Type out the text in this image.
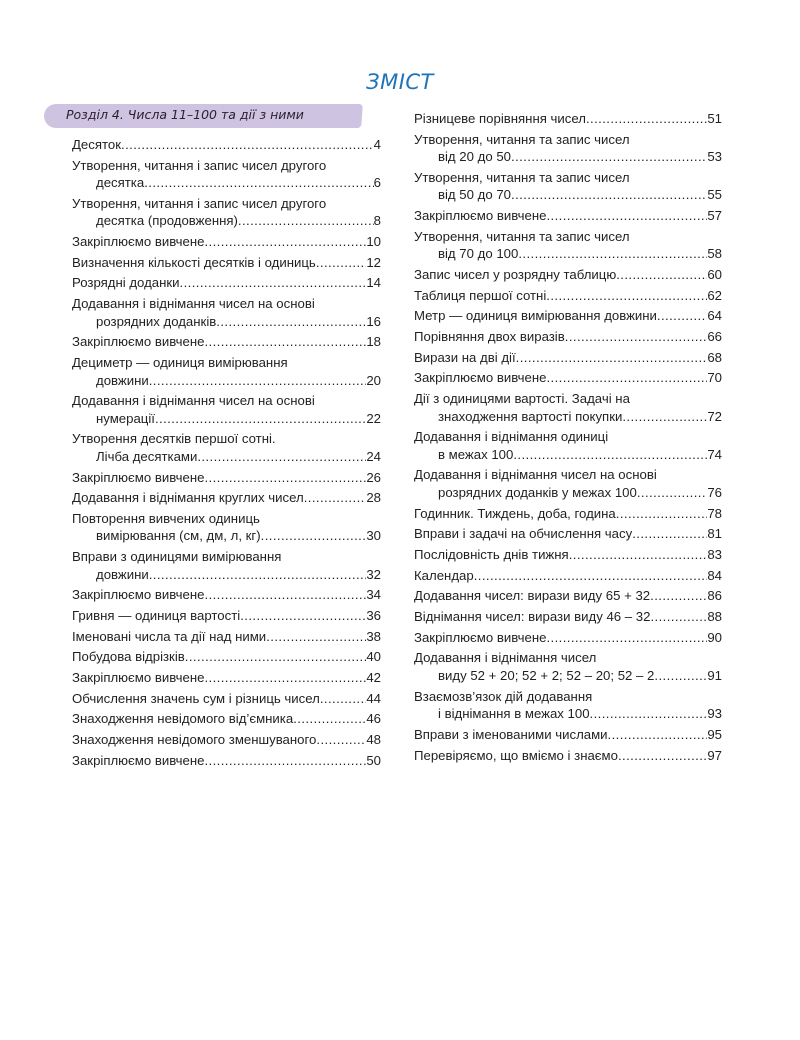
ЗМІСТ
Розділ 4. Числа 11–100 та дії з ними
Десяток .....	4
Утворення, читання і запис чисел другого
десятка .....	6
Утворення, читання і запис чисел другого
десятка (продовження) .....	8
Закріплюємо вивчене .....	10
Визначення кількості десятків і одиниць .....	12
Розрядні доданки .....	14
Додавання і віднімання чисел на основі
розрядних доданків .....	16
Закріплюємо вивчене .....	18
Дециметр — одиниця вимірювання
довжини .....	20
Додавання і віднімання чисел на основі
нумерації .....	22
Утворення десятків першої сотні.
Лічба десятками .....	24
Закріплюємо вивчене .....	26
Додавання і віднімання круглих чисел .....	28
Повторення вивчених одиниць
вимірювання (см, дм, л, кг) .....	30
Вправи з одиницями вимірювання
довжини .....	32
Закріплюємо вивчене .....	34
Гривня — одиниця вартості .....	36
Іменовані числа та дії над ними .....	38
Побудова відрізків .....	40
Закріплюємо вивчене .....	42
Обчислення значень сум і різниць чисел .....	44
Знаходження невідомого від’ємника .....	46
Знаходження невідомого зменшуваного .....	48
Закріплюємо вивчене .....	50
Різницеве порівняння чисел .....	51
Утворення, читання та запис чисел
від 20 до 50 .....	53
Утворення, читання та запис чисел
від 50 до 70 .....	55
Закріплюємо вивчене .....	57
Утворення, читання та запис чисел
від 70 до 100 .....	58
Запис чисел у розрядну таблицю .....	60
Таблиця першої сотні .....	62
Метр — одиниця вимірювання довжини .....	64
Порівняння двох виразів .....	66
Вирази на дві дії .....	68
Закріплюємо вивчене .....	70
Дії з одиницями вартості. Задачі на
знаходження вартості покупки .....	72
Додавання і віднімання одиниці
в межах 100 .....	74
Додавання і віднімання чисел на основі
розрядних доданків у межах 100 .....	76
Годинник. Тиждень, доба, година .....	78
Вправи і задачі на обчислення часу .....	81
Послідовність днів тижня .....	83
Календар .....	84
Додавання чисел: вирази виду 65 + 32 .....	86
Віднімання чисел: вирази виду 46 – 32 .....	88
Закріплюємо вивчене .....	90
Додавання і віднімання чисел
виду 52 + 20; 52 + 2; 52 – 20; 52 – 2 .....	91
Взаємозв’язок дій додавання
і віднімання в межах 100 .....	93
Вправи з іменованими числами .....	95
Перевіряємо, що вміємо і знаємо .....	97
